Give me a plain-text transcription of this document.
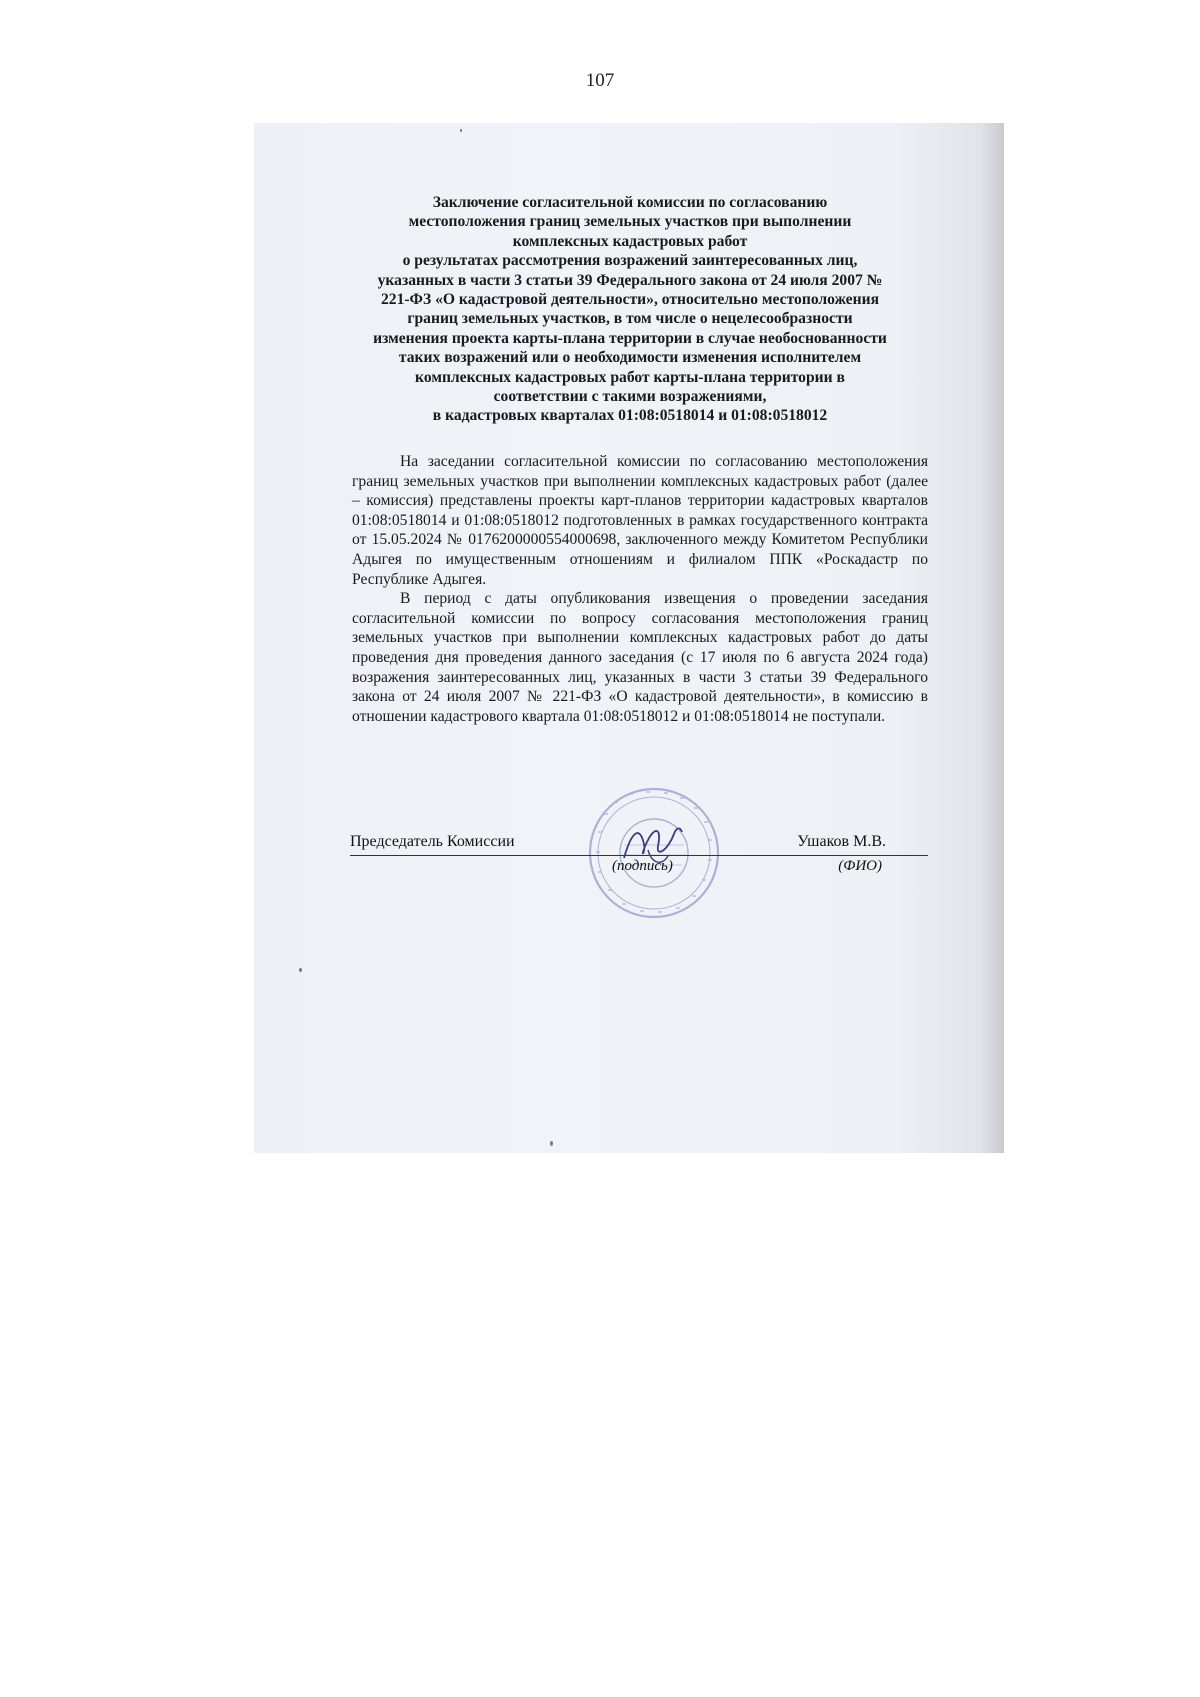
107
Заключение согласительной комиссии по согласованию
местоположения границ земельных участков при выполнении
комплексных кадастровых работ
о результатах рассмотрения возражений заинтересованных лиц,
указанных в части 3 статьи 39 Федерального закона от 24 июля 2007 №
221-ФЗ «О кадастровой деятельности», относительно местоположения
границ земельных участков, в том числе о нецелесообразности
изменения проекта карты-плана территории в случае необоснованности
таких возражений или о необходимости изменения исполнителем
комплексных кадастровых работ карты-плана территории в
соответствии с такими возражениями,
в кадастровых кварталах 01:08:0518014 и 01:08:0518012

На заседании согласительной комиссии по согласованию местоположения границ земельных участков при выполнении комплексных кадастровых работ (далее – комиссия) представлены проекты карт-планов территории кадастровых кварталов 01:08:0518014 и 01:08:0518012 подготовленных в рамках государственного контракта от 15.05.2024 № 0176200000554000698, заключенного между Комитетом Республики Адыгея по имущественным отношениям и филиалом ППК «Роскадастр по Республике Адыгея.

В период с даты опубликования извещения о проведении заседания согласительной комиссии по вопросу согласования местоположения границ земельных участков при выполнении комплексных кадастровых работ до даты проведения дня проведения данного заседания (с 17 июля по 6 августа 2024 года) возражения заинтересованных лиц, указанных в части 3 статьи 39 Федерального закона от 24 июля 2007 № 221-ФЗ «О кадастровой деятельности», в комиссию в отношении кадастрового квартала 01:08:0518012 и 01:08:0518014 не поступали.

Председатель Комиссии	Ушаков М.В.
(подпись)	(ФИО)
